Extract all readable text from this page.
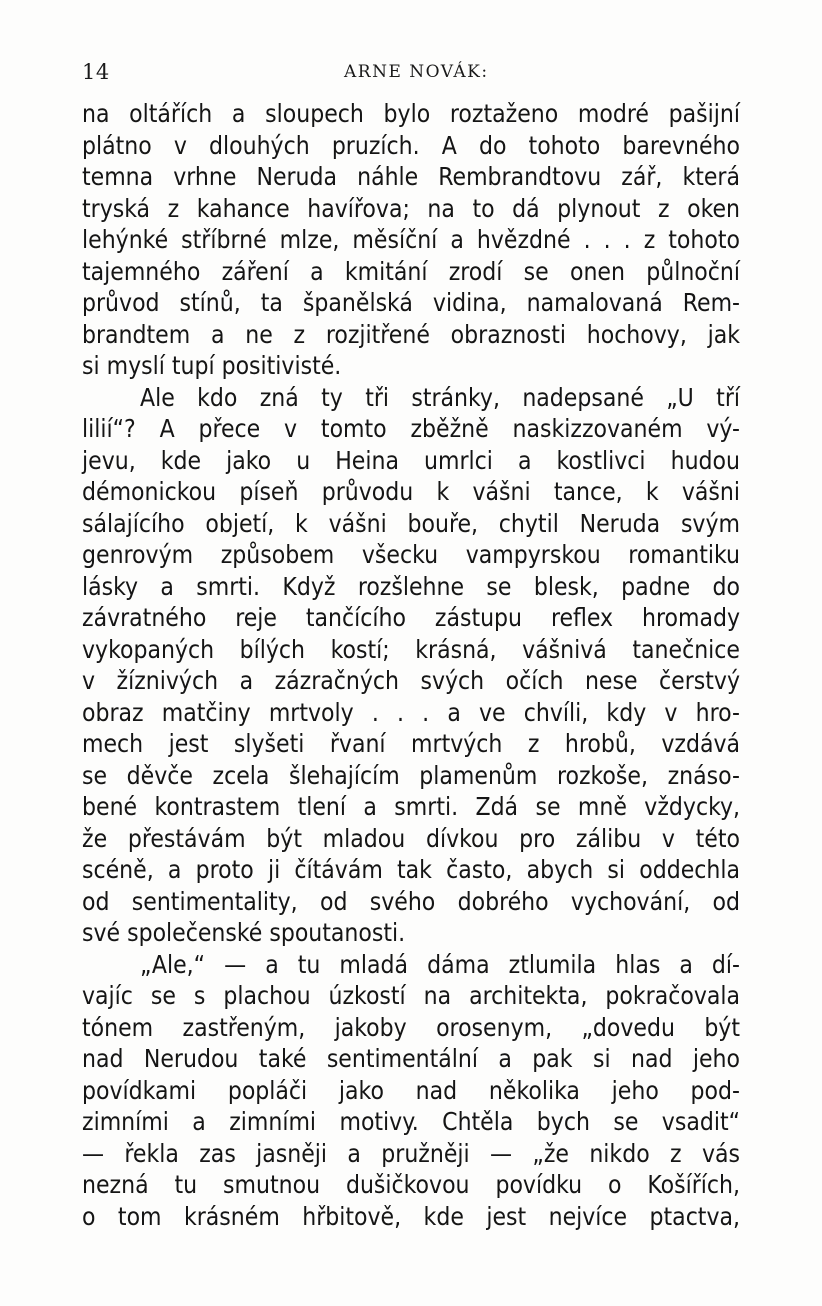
14	ARNE NOVÁK:
na oltářích a sloupech bylo roztaženo modré pašijní
plátno v dlouhých pruzích. A do tohoto barevného
temna vrhne Neruda náhle Rembrandtovu zář, která
tryská z kahance havířova; na to dá plynout z oken
lehýnké stříbrné mlze, měsíční a hvězdné . . . z tohoto
tajemného záření a kmitání zrodí se onen půlnoční
průvod stínů, ta španělská vidina, namalovaná Rem-
brandtem a ne z rozjitřené obraznosti hochovy, jak
si myslí tupí positivisté.
Ale kdo zná ty tři stránky, nadepsané „U tří
lilií“? A přece v tomto zběžně naskizzovaném vý-
jevu, kde jako u Heina umrlci a kostlivci hudou
démonickou píseň průvodu k vášni tance, k vášni
sálajícího objetí, k vášni bouře, chytil Neruda svým
genrovým způsobem všecku vampyrskou romantiku
lásky a smrti. Když rozšlehne se blesk, padne do
závratného reje tančícího zástupu reflex hromady
vykopaných bílých kostí; krásná, vášnivá tanečnice
v žíznivých a zázračných svých očích nese čerstvý
obraz matčiny mrtvoly . . . a ve chvíli, kdy v hro-
mech jest slyšeti řvaní mrtvých z hrobů, vzdává
se děvče zcela šlehajícím plamenům rozkoše, znáso-
bené kontrastem tlení a smrti. Zdá se mně vždycky,
že přestávám být mladou dívkou pro zálibu v této
scéně, a proto ji čítávám tak často, abych si oddechla
od sentimentality, od svého dobrého vychování, od
své společenské spoutanosti.
„Ale,“ — a tu mladá dáma ztlumila hlas a dí-
vajíc se s plachou úzkostí na architekta, pokračovala
tónem zastřeným, jakoby orosenym, „dovedu být
nad Nerudou také sentimentální a pak si nad jeho
povídkami popláči jako nad několika jeho pod-
zimními a zimními motivy. Chtěla bych se vsadit“
— řekla zas jasněji a pružněji — „že nikdo z vás
nezná tu smutnou dušičkovou povídku o Košířích,
o tom krásném hřbitově, kde jest nejvíce ptactva,
